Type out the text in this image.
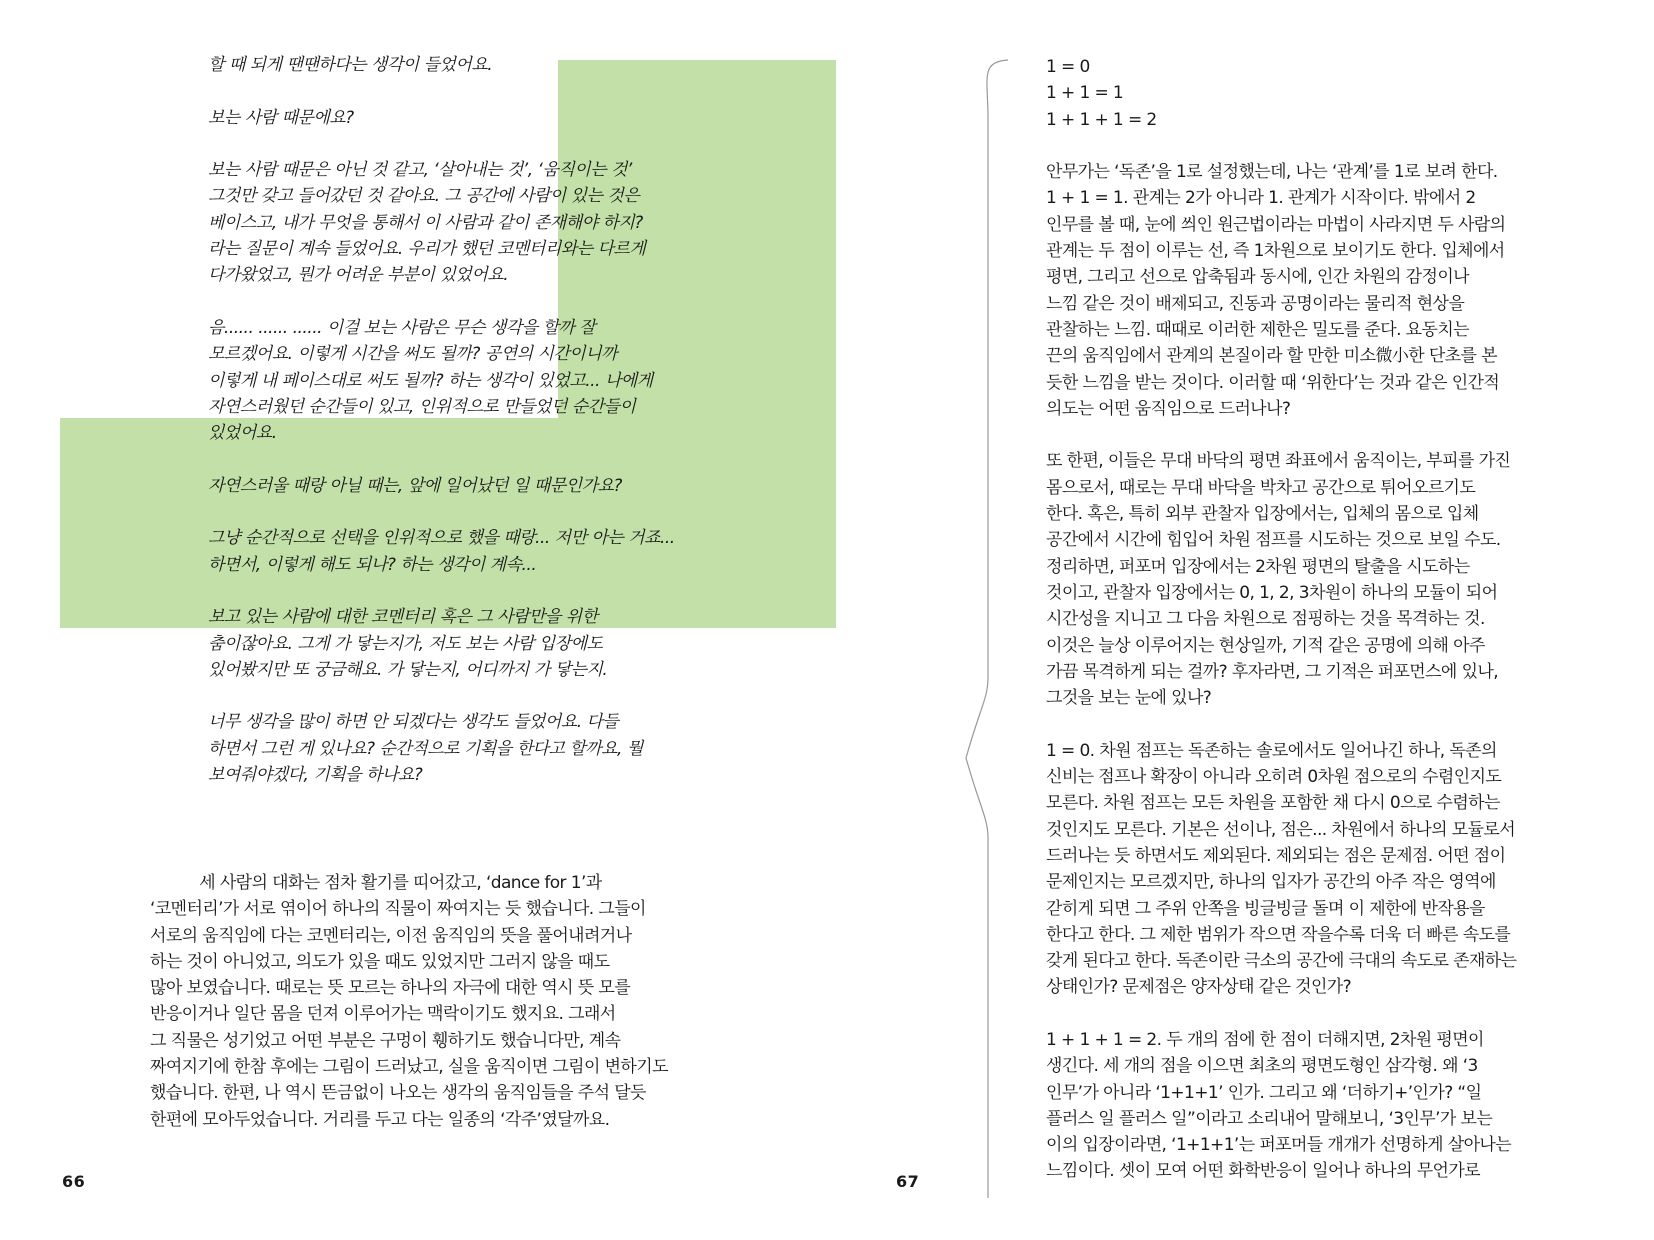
할 때 되게 땐땐하다는 생각이 들었어요.

보는 사람 때문에요?

보는 사람 때문은 아닌 것 같고, ‘살아내는 것’, ‘움직이는 것’
그것만 갖고 들어갔던 것 같아요. 그 공간에 사람이 있는 것은
베이스고, 내가 무엇을 통해서 이 사람과 같이 존재해야 하지?
라는 질문이 계속 들었어요. 우리가 했던 코멘터리와는 다르게
다가왔었고, 뭔가 어려운 부분이 있었어요.

음...... ...... ...... 이걸 보는 사람은 무슨 생각을 할까 잘
모르겠어요. 이렇게 시간을 써도 될까? 공연의 시간이니까
이렇게 내 페이스대로 써도 될까? 하는 생각이 있었고... 나에게
자연스러웠던 순간들이 있고, 인위적으로 만들었던 순간들이
있었어요.

자연스러울 때랑 아닐 때는, 앞에 일어났던 일 때문인가요?

그냥 순간적으로 선택을 인위적으로 했을 때랑... 저만 아는 거죠...
하면서, 이렇게 해도 되나? 하는 생각이 계속...

보고 있는 사람에 대한 코멘터리 혹은 그 사람만을 위한
춤이잖아요. 그게 가 닿는지가, 저도 보는 사람 입장에도
있어봤지만 또 궁금해요. 가 닿는지, 어디까지 가 닿는지.

너무 생각을 많이 하면 안 되겠다는 생각도 들었어요. 다들
하면서 그런 게 있나요? 순간적으로 기획을 한다고 할까요, 뭘
보여줘야겠다, 기획을 하나요?

　　　세 사람의 대화는 점차 활기를 띠어갔고, ‘dance for 1’과
‘코멘터리’가 서로 엮이어 하나의 직물이 짜여지는 듯 했습니다. 그들이
서로의 움직임에 다는 코멘터리는, 이전 움직임의 뜻을 풀어내려거나
하는 것이 아니었고, 의도가 있을 때도 있었지만 그러지 않을 때도
많아 보였습니다. 때로는 뜻 모르는 하나의 자극에 대한 역시 뜻 모를
반응이거나 일단 몸을 던져 이루어가는 맥락이기도 했지요. 그래서
그 직물은 성기었고 어떤 부분은 구멍이 휑하기도 했습니다만, 계속
짜여지기에 한참 후에는 그림이 드러났고, 실을 움직이면 그림이 변하기도
했습니다. 한편, 나 역시 뜬금없이 나오는 생각의 움직임들을 주석 달듯
한편에 모아두었습니다. 거리를 두고 다는 일종의 ‘각주’였달까요.

66	67

1 = 0
1 + 1 = 1
1 + 1 + 1 = 2

안무가는 ‘독존’을 1로 설정했는데, 나는 ‘관계’를 1로 보려 한다.
1 + 1 = 1. 관계는 2가 아니라 1. 관계가 시작이다. 밖에서 2
인무를 볼 때, 눈에 씌인 원근법이라는 마법이 사라지면 두 사람의
관계는 두 점이 이루는 선, 즉 1차원으로 보이기도 한다. 입체에서
평면, 그리고 선으로 압축됨과 동시에, 인간 차원의 감정이나
느낌 같은 것이 배제되고, 진동과 공명이라는 물리적 현상을
관찰하는 느낌. 때때로 이러한 제한은 밀도를 준다. 요동치는
끈의 움직임에서 관계의 본질이라 할 만한 미소微小한 단초를 본
듯한 느낌을 받는 것이다. 이러할 때 ‘위한다’는 것과 같은 인간적
의도는 어떤 움직임으로 드러나나?

또 한편, 이들은 무대 바닥의 평면 좌표에서 움직이는, 부피를 가진
몸으로서, 때로는 무대 바닥을 박차고 공간으로 튀어오르기도
한다. 혹은, 특히 외부 관찰자 입장에서는, 입체의 몸으로 입체
공간에서 시간에 힘입어 차원 점프를 시도하는 것으로 보일 수도.
정리하면, 퍼포머 입장에서는 2차원 평면의 탈출을 시도하는
것이고, 관찰자 입장에서는 0, 1, 2, 3차원이 하나의 모듈이 되어
시간성을 지니고 그 다음 차원으로 점핑하는 것을 목격하는 것.
이것은 늘상 이루어지는 현상일까, 기적 같은 공명에 의해 아주
가끔 목격하게 되는 걸까? 후자라면, 그 기적은 퍼포먼스에 있나,
그것을 보는 눈에 있나?

1 = 0. 차원 점프는 독존하는 솔로에서도 일어나긴 하나, 독존의
신비는 점프나 확장이 아니라 오히려 0차원 점으로의 수렴인지도
모른다. 차원 점프는 모든 차원을 포함한 채 다시 0으로 수렴하는
것인지도 모른다. 기본은 선이나, 점은... 차원에서 하나의 모듈로서
드러나는 듯 하면서도 제외된다. 제외되는 점은 문제점. 어떤 점이
문제인지는 모르겠지만, 하나의 입자가 공간의 아주 작은 영역에
갇히게 되면 그 주위 안쪽을 빙글빙글 돌며 이 제한에 반작용을
한다고 한다. 그 제한 범위가 작으면 작을수록 더욱 더 빠른 속도를
갖게 된다고 한다. 독존이란 극소의 공간에 극대의 속도로 존재하는
상태인가? 문제점은 양자상태 같은 것인가?

1 + 1 + 1 = 2. 두 개의 점에 한 점이 더해지면, 2차원 평면이
생긴다. 세 개의 점을 이으면 최초의 평면도형인 삼각형. 왜 ‘3
인무’가 아니라 ‘1+1+1’ 인가. 그리고 왜 ‘더하기+’인가? “일
플러스 일 플러스 일”이라고 소리내어 말해보니, ‘3인무’가 보는
이의 입장이라면, ‘1+1+1’는 퍼포머들 개개가 선명하게 살아나는
느낌이다. 셋이 모여 어떤 화학반응이 일어나 하나의 무언가로
